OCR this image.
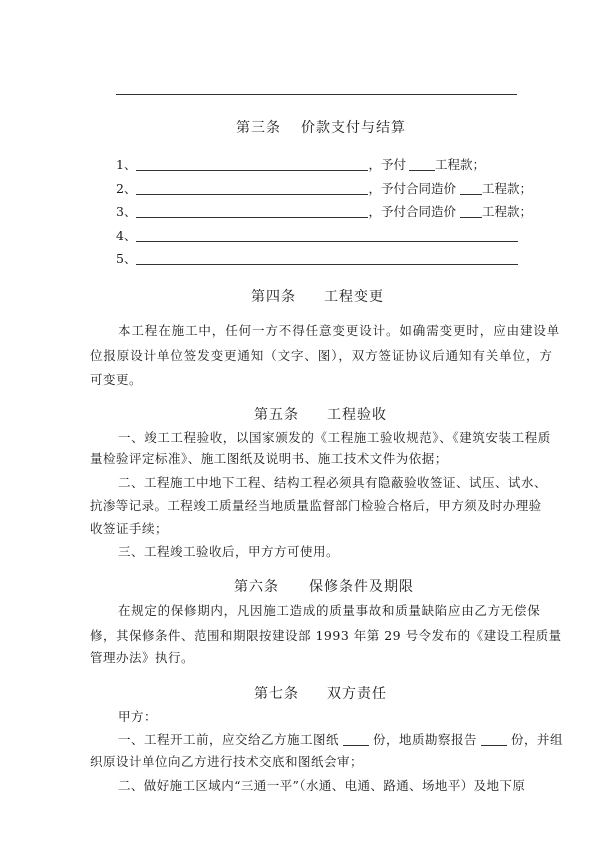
第三条 价款支付与结算
1、	，予付 工程款；
2、	，予付合同造价 工程款；
3、	，予付合同造价 工程款；
4、
5、
第四条 工程变更
本工程在施工中，任何一方不得任意变更设计。如确需变更时，应由建设单
位报原设计单位签发变更通知（文字、图），双方签证协议后通知有关单位，方
可变更。
第五条 工程验收
一、竣工工程验收，以国家颁发的《工程施工验收规范》、《建筑安装工程质
量检验评定标准》、施工图纸及说明书、施工技术文件为依据；
二、工程施工中地下工程、结构工程必须具有隐蔽验收签证、试压、试水、
抗渗等记录。工程竣工质量经当地质量监督部门检验合格后，甲方须及时办理验
收签证手续；
三、工程竣工验收后，甲方方可使用。
第六条 保修条件及期限
在规定的保修期内，凡因施工造成的质量事故和质量缺陷应由乙方无偿保
修，其保修条件、范围和期限按建设部 1993 年第 29 号令发布的《建设工程质量
管理办法》执行。
第七条 双方责任
甲方：
一、工程开工前，应交给乙方施工图纸	份，地质勘察报告	份，并组
织原设计单位向乙方进行技术交底和图纸会审；
二、做好施工区域内“三通一平”（水通、电通、路通、场地平）及地下原
